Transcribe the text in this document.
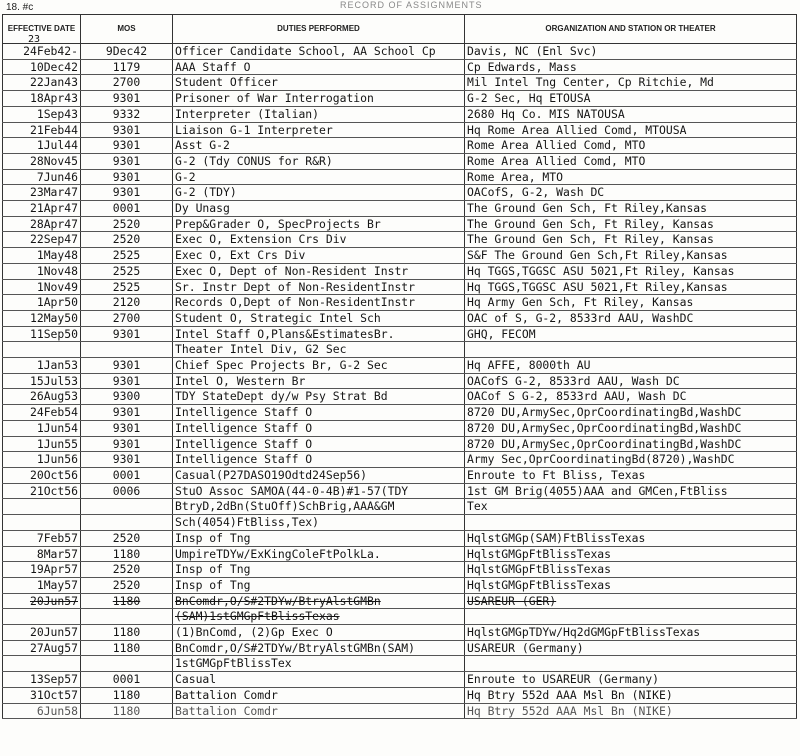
18. #c	RECORD OF ASSIGNMENTS
EFFECTIVE DATE	MOS	DUTIES PERFORMED	ORGANIZATION AND STATION OR THEATER
24Feb42-	9Dec42	Officer Candidate School, AA School Cp	Davis, NC (Enl Svc)
10Dec42	1179	AAA Staff O	Cp Edwards, Mass
22Jan43	2700	Student Officer	Mil Intel Tng Center, Cp Ritchie, Md
18Apr43	9301	Prisoner of War Interrogation	G-2 Sec, Hq ETOUSA
1Sep43	9332	Interpreter (Italian)	2680 Hq Co. MIS NATOUSA
21Feb44	9301	Liaison G-1 Interpreter	Hq Rome Area Allied Comd, MTOUSA
1Jul44	9301	Asst G-2	Rome Area Allied Comd, MTO
28Nov45	9301	G-2 (Tdy CONUS for R&R)	Rome Area Allied Comd, MTO
7Jun46	9301	G-2	Rome Area, MTO
23Mar47	9301	G-2 (TDY)	OACofS, G-2, Wash DC
21Apr47	0001	Dy Unasg	The Ground Gen Sch, Ft Riley,Kansas
28Apr47	2520	Prep&Grader O, SpecProjects Br	The Ground Gen Sch, Ft Riley, Kansas
22Sep47	2520	Exec O, Extension Crs Div	The Ground Gen Sch, Ft Riley, Kansas
1May48	2525	Exec O, Ext Crs Div	S&F The Ground Gen Sch,Ft Riley,Kansas
1Nov48	2525	Exec O, Dept of Non-Resident Instr	Hq TGGS,TGGSC ASU 5021,Ft Riley, Kansas
1Nov49	2525	Sr. Instr Dept of Non-ResidentInstr	Hq TGGS,TGGSC ASU 5021,Ft Riley,Kansas
1Apr50	2120	Records O,Dept of Non-ResidentInstr	Hq Army Gen Sch, Ft Riley, Kansas
12May50	2700	Student O, Strategic Intel Sch	OAC of S, G-2, 8533rd AAU, WashDC
11Sep50	9301	Intel Staff O,Plans&EstimatesBr.	GHQ, FECOM
		Theater Intel Div, G2 Sec	
1Jan53	9301	Chief Spec Projects Br, G-2 Sec	Hq AFFE, 8000th AU
15Jul53	9301	Intel O, Western Br	OACofS G-2, 8533rd AAU, Wash DC
26Aug53	9300	TDY StateDept dy/w Psy Strat Bd	OACof S G-2, 8533rd AAU, Wash DC
24Feb54	9301	Intelligence Staff O	8720 DU,ArmySec,OprCoordinatingBd,WashDC
1Jun54	9301	Intelligence Staff O	8720 DU,ArmySec,OprCoordinatingBd,WashDC
1Jun55	9301	Intelligence Staff O	8720 DU,ArmySec,OprCoordinatingBd,WashDC
1Jun56	9301	Intelligence Staff O	Army Sec,OprCoordinatingBd(8720),WashDC
20Oct56	0001	Casual(P27DASO19Odtd24Sep56)	Enroute to Ft Bliss, Texas
21Oct56	0006	StuO Assoc SAMOA(44-0-4B)#1-57(TDY	1st GM Brig(4055)AAA and GMCen,FtBliss
		BtryD,2dBn(StuOff)SchBrig,AAA&GM	Tex
		Sch(4054)FtBliss,Tex)	
7Feb57	2520	Insp of Tng	HqlstGMGp(SAM)FtBlissTexas
8Mar57	1180	UmpireTDYw/ExKingColeFtPolkLa.	HqlstGMGpFtBlissTexas
19Apr57	2520	Insp of Tng	HqlstGMGpFtBlissTexas
1May57	2520	Insp of Tng	HqlstGMGpFtBlissTexas
20Jun57	1180	BnComdr,O/S#2TDYw/BtryAlstGMBn	USAREUR (GER)
		(SAM)1stGMGpFtBlissTexas	
20Jun57	1180	(1)BnComd, (2)Gp Exec O	HqlstGMGpTDYw/Hq2dGMGpFtBlissTexas
27Aug57	1180	BnComdr,O/S#2TDYw/BtryAlstGMBn(SAM)	USAREUR (Germany)
		1stGMGpFtBlissTex	
13Sep57	0001	Casual	Enroute to USAREUR (Germany)
31Oct57	1180	Battalion Comdr	Hq Btry 552d AAA Msl Bn (NIKE)
6Jun58	1180	Battalion Comdr	Hq Btry 552d AAA Msl Bn (NIKE)
23
